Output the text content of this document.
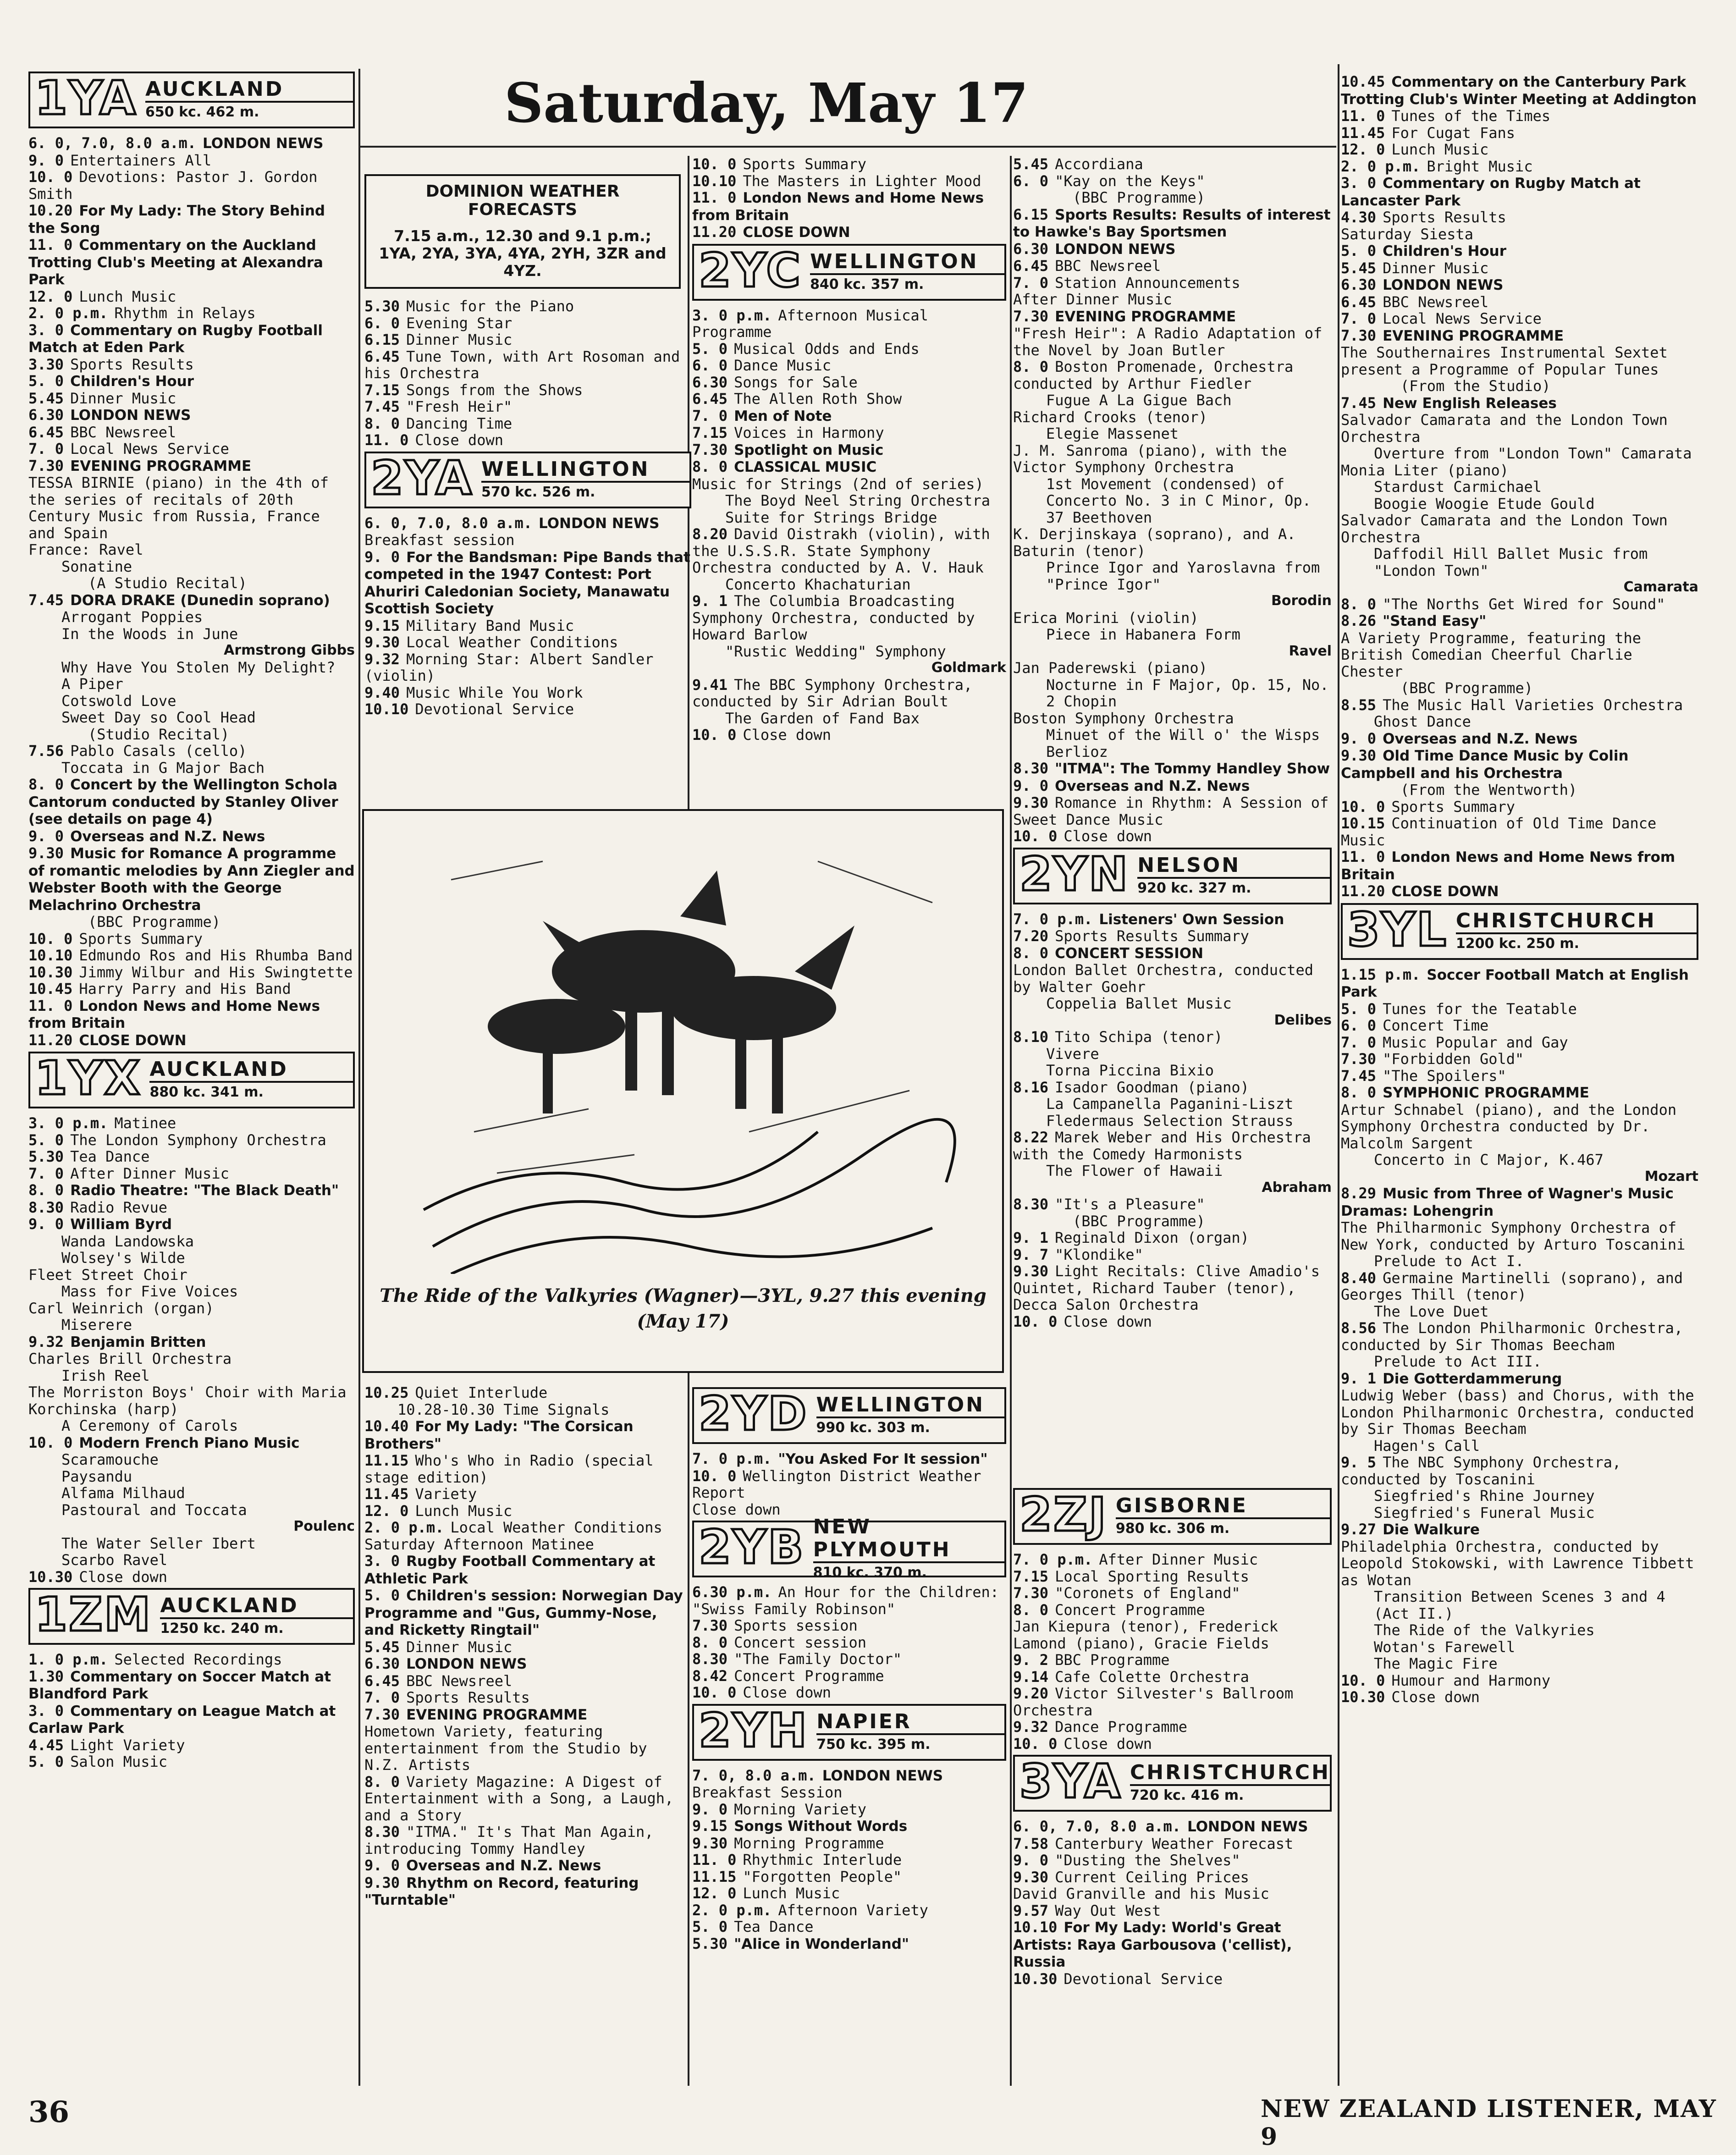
Saturday, May 17
1YA AUCKLAND
650 kc. 462 m.
6. 0, 7.0, 8.0 a.m. LONDON NEWS
9. 0 Entertainers All
10. 0 Devotions: Pastor J. Gordon Smith
10.20 For My Lady: The Story Behind the Song
11. 0 Commentary on the Auckland Trotting Club's Meeting at Alexandra Park
12. 0 Lunch Music
2. 0 p.m. Rhythm in Relays
3. 0 Commentary on Rugby Football Match at Eden Park
3.30 Sports Results
5. 0 Children's Hour
5.45 Dinner Music
6.30 LONDON NEWS
6.45 BBC Newsreel
7. 0 Local News Service
7.30 EVENING PROGRAMME
TESSA BIRNIE (piano) in the 4th of the series of recitals of 20th Century Music from Russia, France and Spain
France: Ravel
Sonatine
(A Studio Recital)
7.45 DORA DRAKE (Dunedin soprano)
Arrogant Poppies
In the Woods in June
Armstrong Gibbs
Why Have You Stolen My Delight?
A Piper
Cotswold Love
Sweet Day so Cool Head
(Studio Recital)
7.56 Pablo Casals (cello)
Toccata in G Major Bach
8. 0 Concert by the Wellington Schola Cantorum conducted by Stanley Oliver (see details on page 4)
9. 0 Overseas and N.Z. News
9.30 Music for Romance A programme of romantic melodies by Ann Ziegler and Webster Booth with the George Melachrino Orchestra
(BBC Programme)
10. 0 Sports Summary
10.10 Edmundo Ros and His Rhumba Band
10.30 Jimmy Wilbur and His Swingtette
10.45 Harry Parry and His Band
11. 0 London News and Home News from Britain
11.20 CLOSE DOWN
1YX AUCKLAND
880 kc. 341 m.
3. 0 p.m. Matinee
5. 0 The London Symphony Orchestra
5.30 Tea Dance
7. 0 After Dinner Music
8. 0 Radio Theatre: "The Black Death"
8.30 Radio Revue
9. 0 William Byrd
Wanda Landowska
Wolsey's Wilde
Fleet Street Choir
Mass for Five Voices
Carl Weinrich (organ)
Miserere
9.32 Benjamin Britten
Charles Brill Orchestra
Irish Reel
The Morriston Boys' Choir with Maria Korchinska (harp)
A Ceremony of Carols
10. 0 Modern French Piano Music
Scaramouche
Paysandu
Alfama Milhaud
Pastoural and Toccata
Poulenc
The Water Seller Ibert
Scarbo Ravel
10.30 Close down
1ZM AUCKLAND
1250 kc. 240 m.
1. 0 p.m. Selected Recordings
1.30 Commentary on Soccer Match at Blandford Park
3. 0 Commentary on League Match at Carlaw Park
4.45 Light Variety
5. 0 Salon Music
DOMINION WEATHER FORECASTS
7.15 a.m., 12.30 and 9.1 p.m.; 1YA, 2YA, 3YA, 4YA, 2YH, 3ZR and 4YZ.
5.30 Music for the Piano
6. 0 Evening Star
6.15 Dinner Music
6.45 Tune Town, with Art Rosoman and his Orchestra
7.15 Songs from the Shows
7.45 "Fresh Heir"
8. 0 Dancing Time
11. 0 Close down
2YA WELLINGTON
570 kc. 526 m.
6. 0, 7.0, 8.0 a.m. LONDON NEWS
Breakfast session
9. 0 For the Bandsman: Pipe Bands that competed in the 1947 Contest: Port Ahuriri Caledonian Society, Manawatu Scottish Society
9.15 Military Band Music
9.30 Local Weather Conditions
9.32 Morning Star: Albert Sandler (violin)
9.40 Music While You Work
10.10 Devotional Service
10. 0 Sports Summary
10.10 The Masters in Lighter Mood
11. 0 London News and Home News from Britain
11.20 CLOSE DOWN
2YC WELLINGTON
840 kc. 357 m.
3. 0 p.m. Afternoon Musical Programme
5. 0 Musical Odds and Ends
6. 0 Dance Music
6.30 Songs for Sale
6.45 The Allen Roth Show
7. 0 Men of Note
7.15 Voices in Harmony
7.30 Spotlight on Music
8. 0 CLASSICAL MUSIC
Music for Strings (2nd of series)
The Boyd Neel String Orchestra
Suite for Strings Bridge
8.20 David Oistrakh (violin), with the U.S.S.R. State Symphony Orchestra conducted by A. V. Hauk
Concerto Khachaturian
9. 1 The Columbia Broadcasting Symphony Orchestra, conducted by Howard Barlow
"Rustic Wedding" Symphony
Goldmark
9.41 The BBC Symphony Orchestra, conducted by Sir Adrian Boult
The Garden of Fand Bax
10. 0 Close down
5.45 Accordiana
6. 0 "Kay on the Keys"
(BBC Programme)
6.15 Sports Results: Results of interest to Hawke's Bay Sportsmen
6.30 LONDON NEWS
6.45 BBC Newsreel
7. 0 Station Announcements
After Dinner Music
7.30 EVENING PROGRAMME
"Fresh Heir": A Radio Adaptation of the Novel by Joan Butler
8. 0 Boston Promenade, Orchestra conducted by Arthur Fiedler
Fugue A La Gigue Bach
Richard Crooks (tenor)
Elegie Massenet
J. M. Sanroma (piano), with the Victor Symphony Orchestra
1st Movement (condensed) of Concerto No. 3 in C Minor, Op. 37 Beethoven
K. Derjinskaya (soprano), and A. Baturin (tenor)
Prince Igor and Yaroslavna from "Prince Igor"
Borodin
Erica Morini (violin)
Piece in Habanera Form
Ravel
Jan Paderewski (piano)
Nocturne in F Major, Op. 15, No. 2 Chopin
Boston Symphony Orchestra
Minuet of the Will o' the Wisps Berlioz
8.30 "ITMA": The Tommy Handley Show
9. 0 Overseas and N.Z. News
9.30 Romance in Rhythm: A Session of Sweet Dance Music
10. 0 Close down
2YN NELSON
920 kc. 327 m.
7. 0 p.m. Listeners' Own Session
7.20 Sports Results Summary
8. 0 CONCERT SESSION
London Ballet Orchestra, conducted by Walter Goehr
Coppelia Ballet Music
Delibes
8.10 Tito Schipa (tenor)
Vivere
Torna Piccina Bixio
8.16 Isador Goodman (piano)
La Campanella Paganini-Liszt
Fledermaus Selection Strauss
8.22 Marek Weber and His Orchestra with the Comedy Harmonists
The Flower of Hawaii
Abraham
8.30 "It's a Pleasure"
(BBC Programme)
9. 1 Reginald Dixon (organ)
9. 7 "Klondike"
9.30 Light Recitals: Clive Amadio's Quintet, Richard Tauber (tenor), Decca Salon Orchestra
10. 0 Close down
10.45 Commentary on the Canterbury Park Trotting Club's Winter Meeting at Addington
11. 0 Tunes of the Times
11.45 For Cugat Fans
12. 0 Lunch Music
2. 0 p.m. Bright Music
3. 0 Commentary on Rugby Match at Lancaster Park
4.30 Sports Results
Saturday Siesta
5. 0 Children's Hour
5.45 Dinner Music
6.30 LONDON NEWS
6.45 BBC Newsreel
7. 0 Local News Service
7.30 EVENING PROGRAMME
The Southernaires Instrumental Sextet present a Programme of Popular Tunes
(From the Studio)
7.45 New English Releases
Salvador Camarata and the London Town Orchestra
Overture from "London Town" Camarata
Monia Liter (piano)
Stardust Carmichael
Boogie Woogie Etude Gould
Salvador Camarata and the London Town Orchestra
Daffodil Hill Ballet Music from "London Town"
Camarata
8. 0 "The Norths Get Wired for Sound"
8.26 "Stand Easy"
A Variety Programme, featuring the British Comedian Cheerful Charlie Chester
(BBC Programme)
8.55 The Music Hall Varieties Orchestra
Ghost Dance
9. 0 Overseas and N.Z. News
9.30 Old Time Dance Music by Colin Campbell and his Orchestra
(From the Wentworth)
10. 0 Sports Summary
10.15 Continuation of Old Time Dance Music
11. 0 London News and Home News from Britain
11.20 CLOSE DOWN
3YL CHRISTCHURCH
1200 kc. 250 m.
1.15 p.m. Soccer Football Match at English Park
5. 0 Tunes for the Teatable
6. 0 Concert Time
7. 0 Music Popular and Gay
7.30 "Forbidden Gold"
7.45 "The Spoilers"
8. 0 SYMPHONIC PROGRAMME
Artur Schnabel (piano), and the London Symphony Orchestra conducted by Dr. Malcolm Sargent
Concerto in C Major, K.467
Mozart
8.29 Music from Three of Wagner's Music Dramas: Lohengrin
The Philharmonic Symphony Orchestra of New York, conducted by Arturo Toscanini
Prelude to Act I.
8.40 Germaine Martinelli (soprano), and Georges Thill (tenor)
The Love Duet
8.56 The London Philharmonic Orchestra, conducted by Sir Thomas Beecham
Prelude to Act III.
9. 1 Die Gotterdammerung
Ludwig Weber (bass) and Chorus, with the London Philharmonic Orchestra, conducted by Sir Thomas Beecham
Hagen's Call
9. 5 The NBC Symphony Orchestra, conducted by Toscanini
Siegfried's Rhine Journey
Siegfried's Funeral Music
9.27 Die Walkure
Philadelphia Orchestra, conducted by Leopold Stokowski, with Lawrence Tibbett as Wotan
Transition Between Scenes 3 and 4 (Act II.)
The Ride of the Valkyries
Wotan's Farewell
The Magic Fire
10. 0 Humour and Harmony
10.30 Close down
The Ride of the Valkyries (Wagner)—3YL, 9.27 this evening (May 17)
10.25 Quiet Interlude
10.28-10.30 Time Signals
10.40 For My Lady: "The Corsican Brothers"
11.15 Who's Who in Radio (special stage edition)
11.45 Variety
12. 0 Lunch Music
2. 0 p.m. Local Weather Conditions
Saturday Afternoon Matinee
3. 0 Rugby Football Commentary at Athletic Park
5. 0 Children's session: Norwegian Day Programme and "Gus, Gummy-Nose, and Ricketty Ringtail"
5.45 Dinner Music
6.30 LONDON NEWS
6.45 BBC Newsreel
7. 0 Sports Results
7.30 EVENING PROGRAMME
Hometown Variety, featuring entertainment from the Studio by N.Z. Artists
8. 0 Variety Magazine: A Digest of Entertainment with a Song, a Laugh, and a Story
8.30 "ITMA." It's That Man Again, introducing Tommy Handley
9. 0 Overseas and N.Z. News
9.30 Rhythm on Record, featuring "Turntable"
2YD WELLINGTON
990 kc. 303 m.
7. 0 p.m. "You Asked For It session"
10. 0 Wellington District Weather Report
Close down
2YB NEW PLYMOUTH
810 kc. 370 m.
6.30 p.m. An Hour for the Children: "Swiss Family Robinson"
7.30 Sports session
8. 0 Concert session
8.30 "The Family Doctor"
8.42 Concert Programme
10. 0 Close down
2YH NAPIER
750 kc. 395 m.
7. 0, 8.0 a.m. LONDON NEWS
Breakfast Session
9. 0 Morning Variety
9.15 Songs Without Words
9.30 Morning Programme
11. 0 Rhythmic Interlude
11.15 "Forgotten People"
12. 0 Lunch Music
2. 0 p.m. Afternoon Variety
5. 0 Tea Dance
5.30 "Alice in Wonderland"
2ZJ GISBORNE
980 kc. 306 m.
7. 0 p.m. After Dinner Music
7.15 Local Sporting Results
7.30 "Coronets of England"
8. 0 Concert Programme
Jan Kiepura (tenor), Frederick Lamond (piano), Gracie Fields
9. 2 BBC Programme
9.14 Cafe Colette Orchestra
9.20 Victor Silvester's Ballroom Orchestra
9.32 Dance Programme
10. 0 Close down
3YA CHRISTCHURCH
720 kc. 416 m.
6. 0, 7.0, 8.0 a.m. LONDON NEWS
7.58 Canterbury Weather Forecast
9. 0 "Dusting the Shelves"
9.30 Current Ceiling Prices
David Granville and his Music
9.57 Way Out West
10.10 For My Lady: World's Great Artists: Raya Garbousova ('cellist), Russia
10.30 Devotional Service
36	NEW ZEALAND LISTENER, MAY 9
